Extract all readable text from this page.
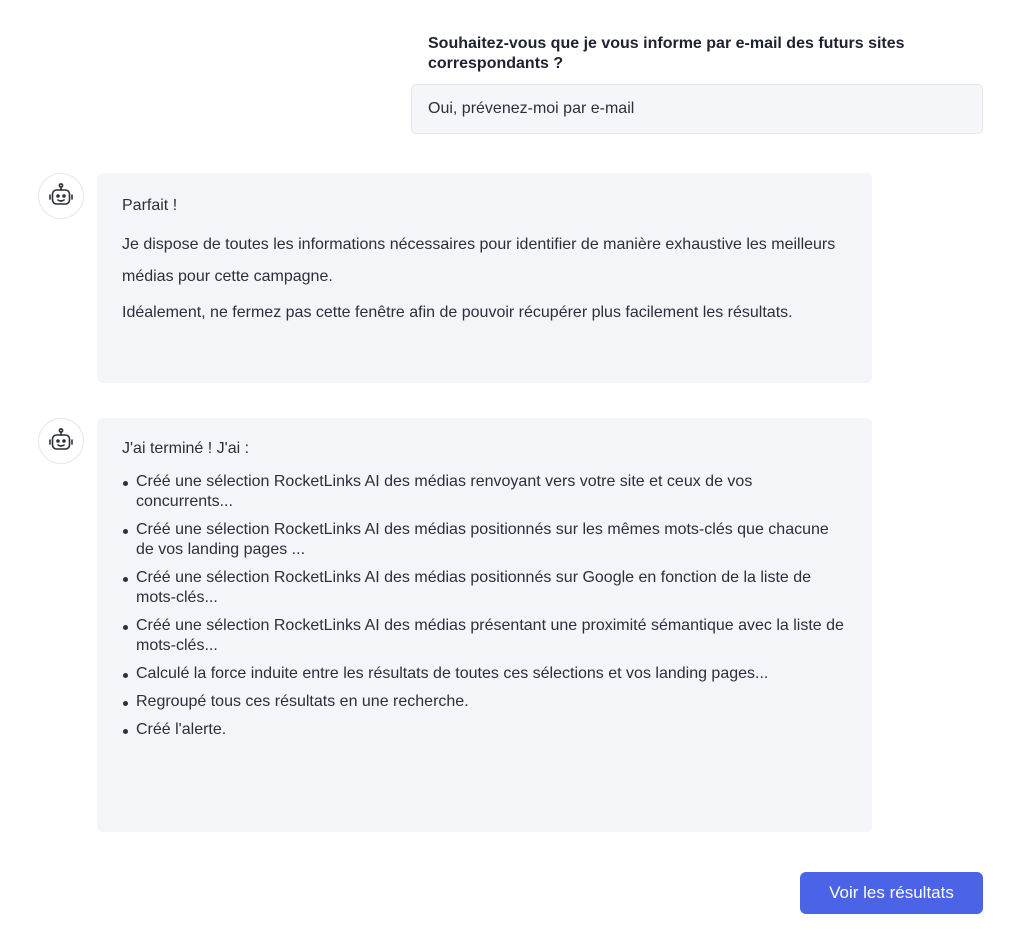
Souhaitez-vous que je vous informe par e-mail des futurs sites correspondants ?
Oui, prévenez-moi par e-mail

Parfait !

Je dispose de toutes les informations nécessaires pour identifier de manière exhaustive les meilleurs médias pour cette campagne.

Idéalement, ne fermez pas cette fenêtre afin de pouvoir récupérer plus facilement les résultats.

J'ai terminé ! J'ai :

Créé une sélection RocketLinks AI des médias renvoyant vers votre site et ceux de vos concurrents...
Créé une sélection RocketLinks AI des médias positionnés sur les mêmes mots-clés que chacune de vos landing pages ...
Créé une sélection RocketLinks AI des médias positionnés sur Google en fonction de la liste de mots-clés...
Créé une sélection RocketLinks AI des médias présentant une proximité sémantique avec la liste de mots-clés...
Calculé la force induite entre les résultats de toutes ces sélections et vos landing pages...
Regroupé tous ces résultats en une recherche.
Créé l'alerte.
Voir les résultats
